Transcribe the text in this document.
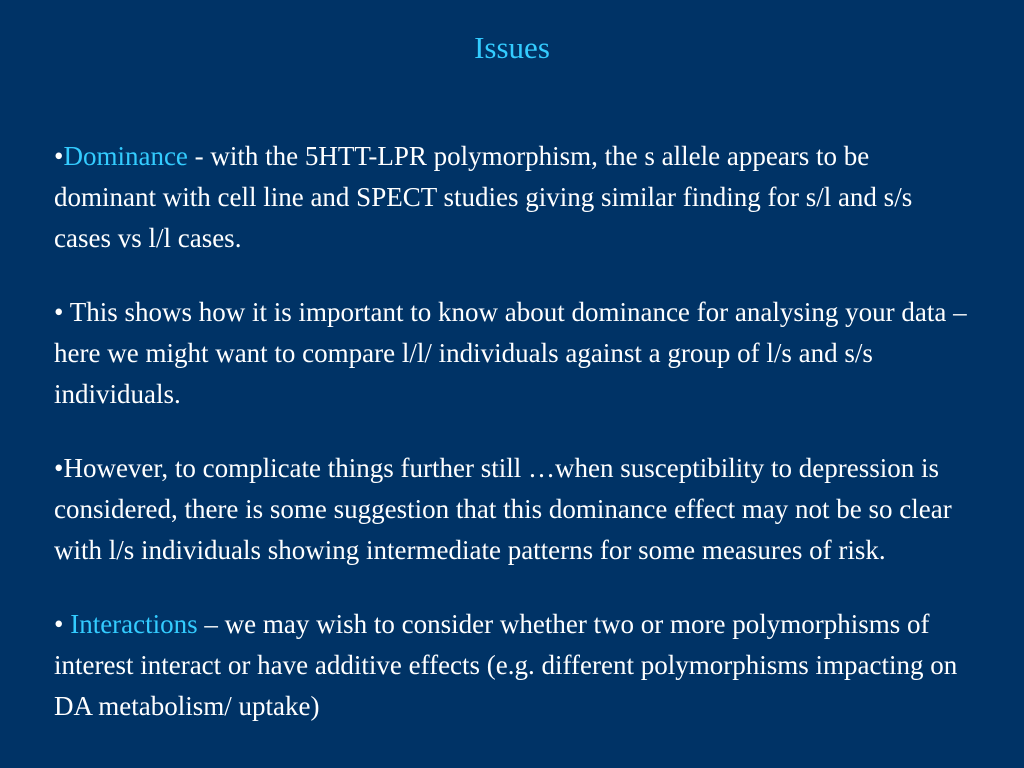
Issues

•Dominance - with the 5HTT-LPR polymorphism, the s allele appears to be dominant with cell line and SPECT studies giving similar finding for s/l and s/s cases vs l/l cases.

• This shows how it is important to know about dominance for analysing your data – here we might want to compare l/l/ individuals against a group of l/s and s/s individuals.

•However, to complicate things further still …when susceptibility to depression is considered, there is some suggestion that this dominance effect may not be so clear with l/s individuals showing intermediate patterns for some measures of risk.

• Interactions – we may wish to consider whether two or more polymorphisms of interest interact or have additive effects (e.g. different polymorphisms impacting on DA metabolism/ uptake)
